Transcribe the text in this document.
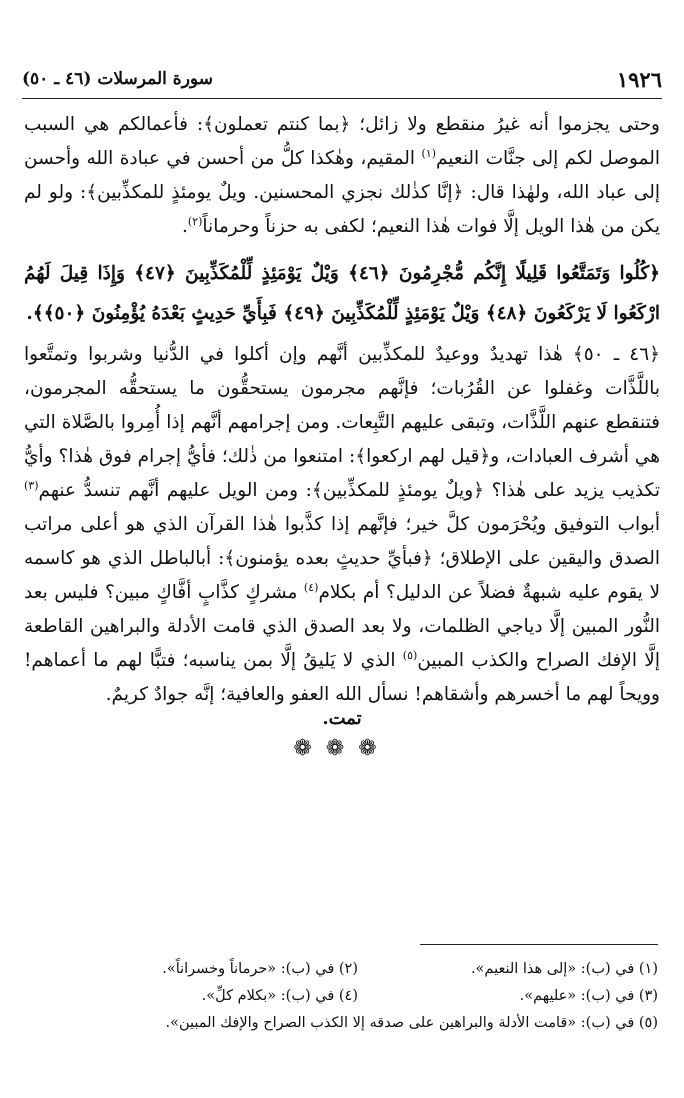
سورة المرسلات (٤٦ ـ ٥٠)	١٩٢٦

وحتى يجزموا أنه غيرُ منقطع ولا زائل؛ ﴿بما كنتم تعملون﴾: فأعمالكم هي السبب الموصل لكم إلى جنَّات النعيم$^{(١)}$ المقيم، وهٰكذا كلُّ من أحسن في عبادة الله وأحسن إلى عباد الله، ولهٰذا قال: ﴿إنَّا كذٰلك نجزي المحسنين. ويلٌ يومئذٍ للمكذِّبين﴾: ولو لم يكن من هٰذا الويل إلَّا فوات هٰذا النعيم؛ لكفى به حزناً وحرماناً$^{(٢)}$.

﴿كُلُوا وَتَمَتَّعُوا قَلِيلًا إِنَّكُم مُّجْرِمُونَ ﴿٤٦﴾ وَيْلٌ يَوْمَئِذٍ لِّلْمُكَذِّبِينَ ﴿٤٧﴾ وَإِذَا قِيلَ لَهُمُ ارْكَعُوا لَا يَرْكَعُونَ ﴿٤٨﴾ وَيْلٌ يَوْمَئِذٍ لِّلْمُكَذِّبِينَ ﴿٤٩﴾ فَبِأَيِّ حَدِيثٍ بَعْدَهُ يُؤْمِنُونَ ﴿٥٠﴾﴾.

﴿٤٦ ـ ٥٠﴾ هٰذا تهديدٌ ووعيدٌ للمكذِّبين أنَّهم وإن أكلوا في الدُّنيا وشربوا وتمتَّعوا باللَّذَّات وغفلوا عن القُرُبات؛ فإنَّهم مجرمون يستحقُّون ما يستحقُّه المجرمون، فتنقطع عنهم اللَّذَّات، وتبقى عليهم التَّبِعات. ومن إجرامهم أنَّهم إذا أُمِروا بالصَّلاة التي هي أشرف العبادات، و﴿قيل لهم اركعوا﴾: امتنعوا من ذٰلك؛ فأيُّ إجرام فوق هٰذا؟ وأيُّ تكذيب يزيد على هٰذا؟ ﴿ويلٌ يومئذٍ للمكذِّبين﴾: ومن الويل عليهم أنَّهم تنسدُّ عنهم$^{(٣)}$ أبواب التوفيق ويُحْرَمون كلَّ خير؛ فإنَّهم إذا كذَّبوا هٰذا القرآن الذي هو أعلى مراتب الصدق واليقين على الإطلاق؛ ﴿فبأيِّ حديثٍ بعده يؤمنون﴾: أبالباطل الذي هو كاسمه لا يقوم عليه شبهةٌ فضلاً عن الدليل؟ أم بكلام$^{(٤)}$ مشركٍ كذَّابٍ أفَّاكٍ مبين؟ فليس بعد النُّور المبين إلَّا دياجي الظلمات، ولا بعد الصدق الذي قامت الأدلة والبراهين القاطعة إلَّا الإفك الصراح والكذب المبين$^{(٥)}$ الذي لا يَليقُ إلَّا بمن يناسبه؛ فتبًّا لهم ما أعماهم! وويحاً لهم ما أخسرهم وأشقاهم! نسأل الله العفو والعافية؛ إنَّه جوادٌ كريمٌ.

تمت.
❁❁❁
(١) في (ب): «إلى هذا النعيم».
(٢) في (ب): «حرماناً وخسراناً».
(٣) في (ب): «عليهم».
(٤) في (ب): «بكلام كلِّ».
(٥) في (ب): «قامت الأدلة والبراهين على صدقه إلا الكذب الصراح والإفك المبين».
